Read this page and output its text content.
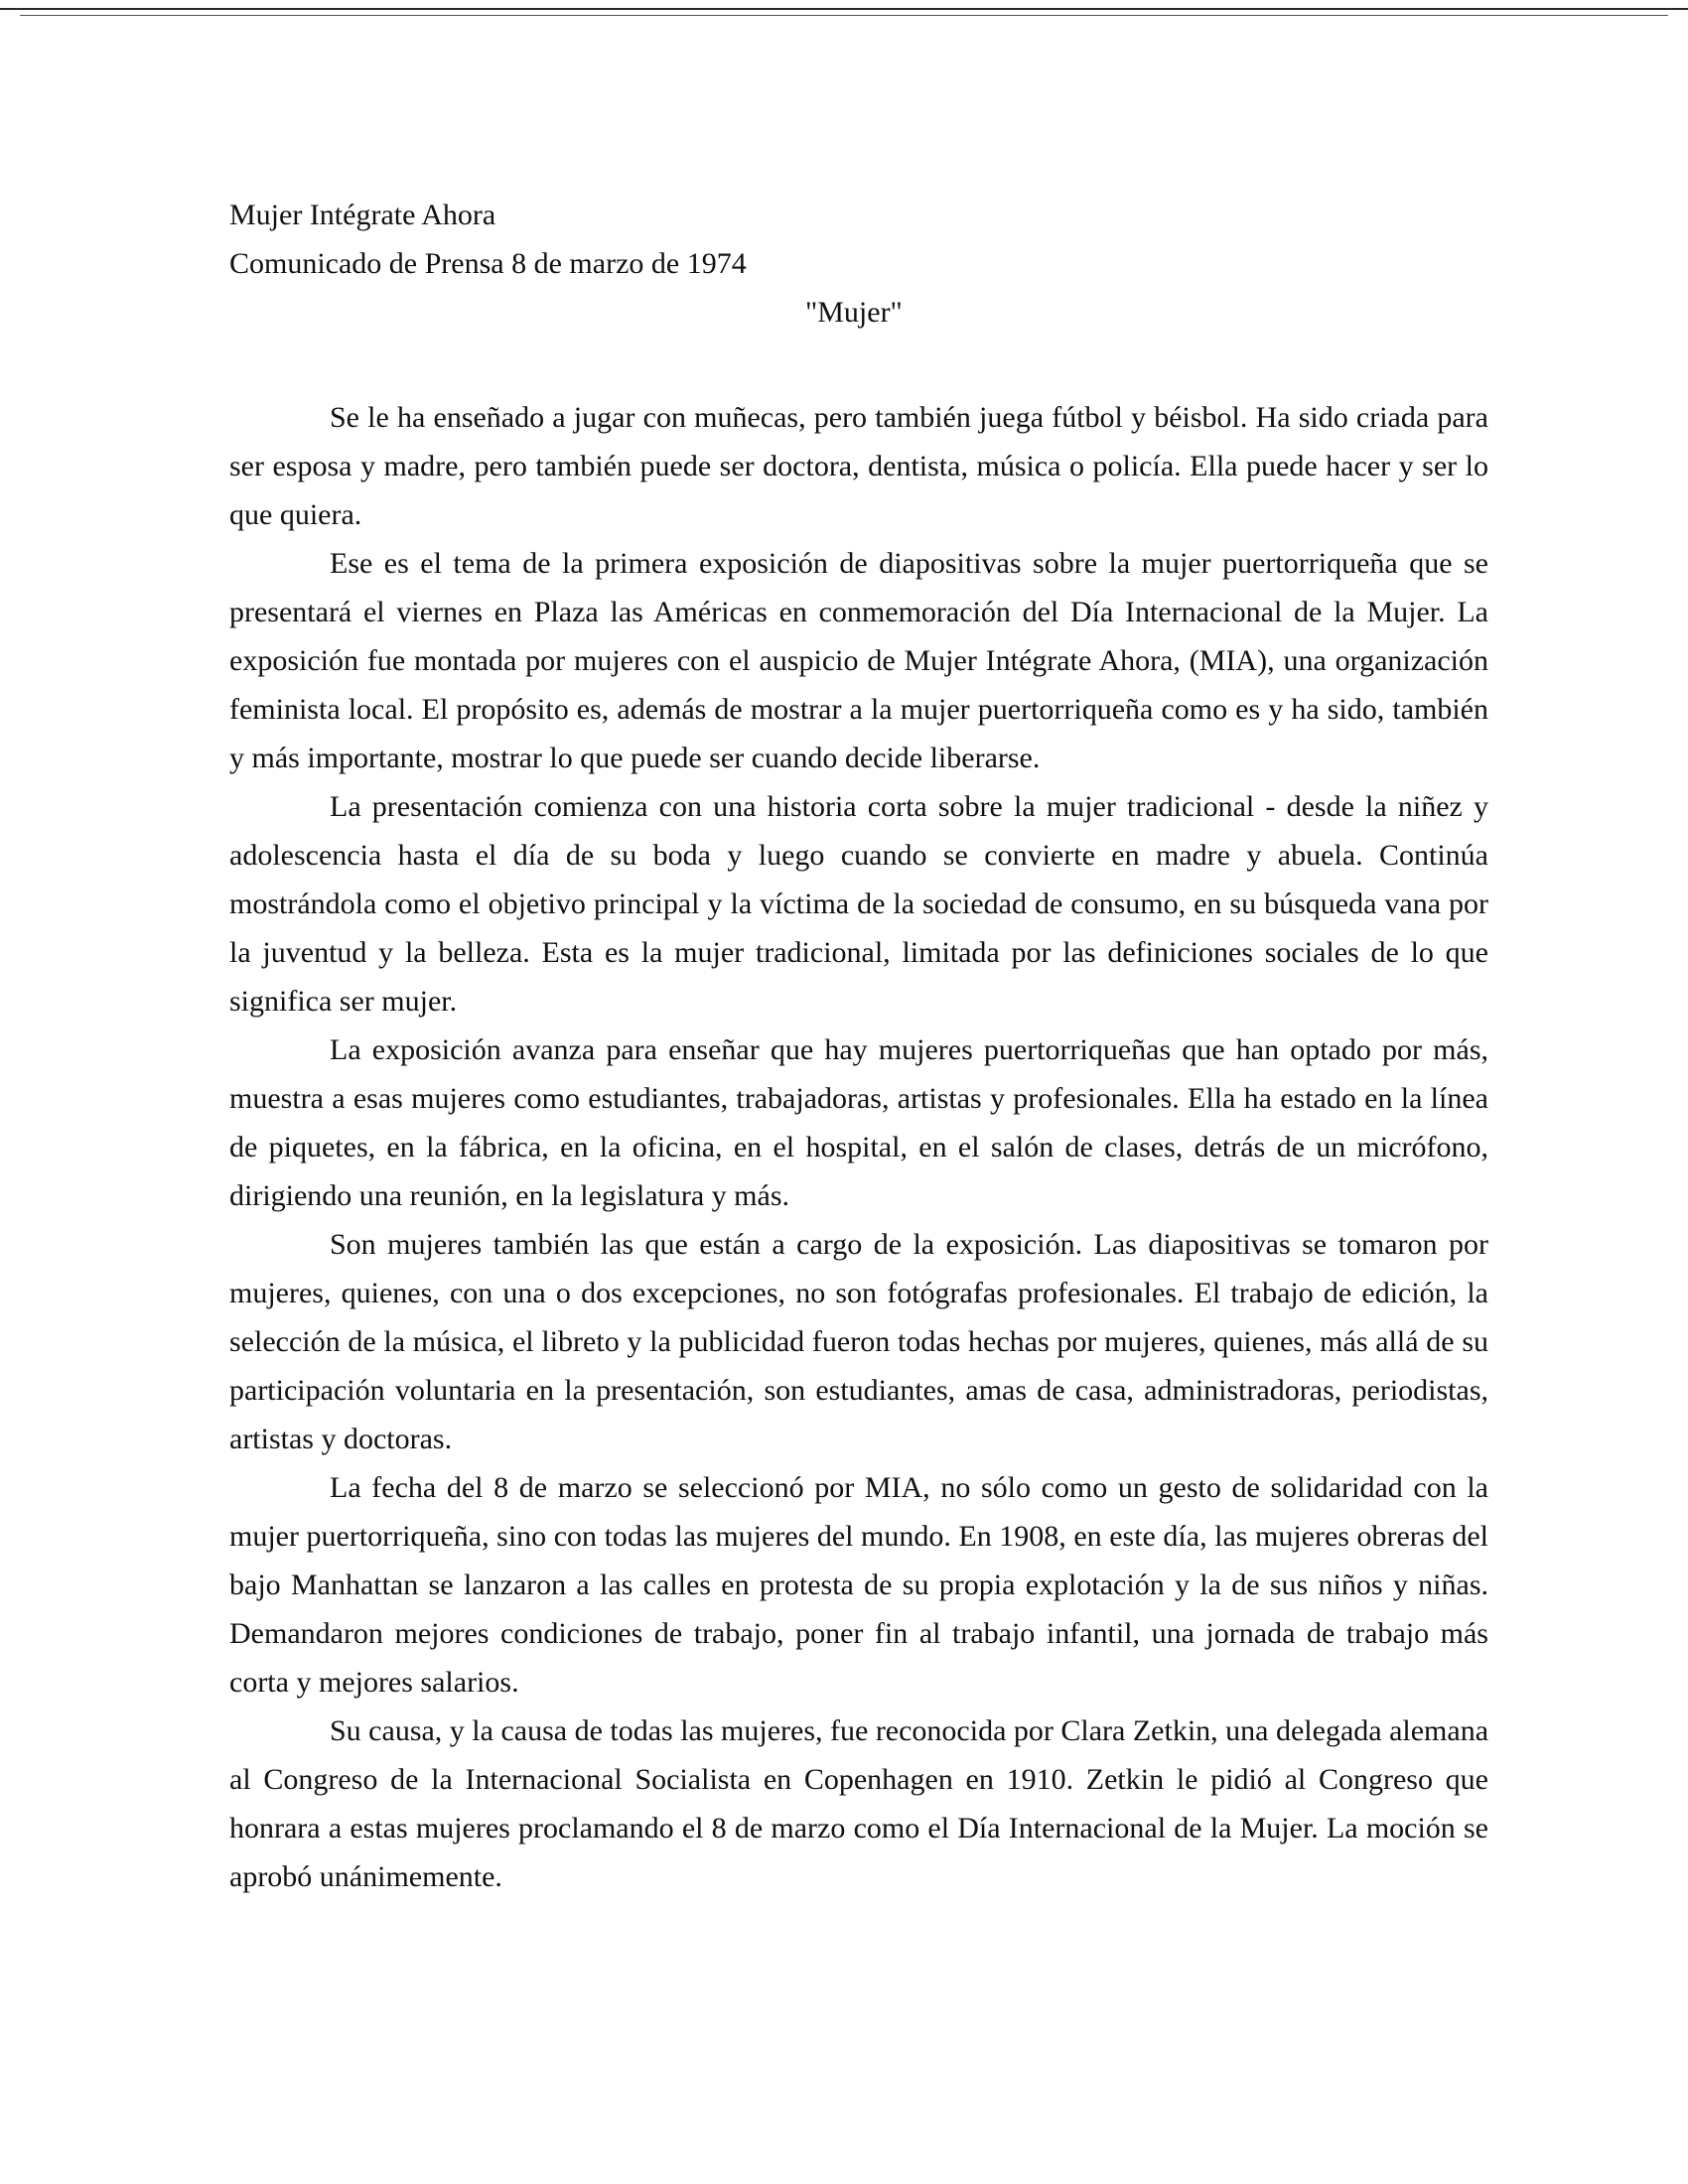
Mujer Intégrate Ahora

Comunicado de Prensa 8 de marzo de 1974

"Mujer"

Se le ha enseñado a jugar con muñecas, pero también juega fútbol y béisbol. Ha sido criada para ser esposa y madre, pero también puede ser doctora, dentista, música o policía. Ella puede hacer y ser lo que quiera.

Ese es el tema de la primera exposición de diapositivas sobre la mujer puertorriqueña que se presentará el viernes en Plaza las Américas en conmemoración del Día Internacional de la Mujer. La exposición fue montada por mujeres con el auspicio de Mujer Intégrate Ahora, (MIA), una organización feminista local. El propósito es, además de mostrar a la mujer puertorriqueña como es y ha sido, también y más importante, mostrar lo que puede ser cuando decide liberarse.

La presentación comienza con una historia corta sobre la mujer tradicional - desde la niñez y adolescencia hasta el día de su boda y luego cuando se convierte en madre y abuela. Continúa mostrándola como el objetivo principal y la víctima de la sociedad de consumo, en su búsqueda vana por la juventud y la belleza. Esta es la mujer tradicional, limitada por las definiciones sociales de lo que significa ser mujer.

La exposición avanza para enseñar que hay mujeres puertorriqueñas que han optado por más, muestra a esas mujeres como estudiantes, trabajadoras, artistas y profesionales. Ella ha estado en la línea de piquetes, en la fábrica, en la oficina, en el hospital, en el salón de clases, detrás de un micrófono, dirigiendo una reunión, en la legislatura y más.

Son mujeres también las que están a cargo de la exposición. Las diapositivas se tomaron por mujeres, quienes, con una o dos excepciones, no son fotógrafas profesionales. El trabajo de edición, la selección de la música, el libreto y la publicidad fueron todas hechas por mujeres, quienes, más allá de su participación voluntaria en la presentación, son estudiantes, amas de casa, administradoras, periodistas, artistas y doctoras.

La fecha del 8 de marzo se seleccionó por MIA, no sólo como un gesto de solidaridad con la mujer puertorriqueña, sino con todas las mujeres del mundo. En 1908, en este día, las mujeres obreras del bajo Manhattan se lanzaron a las calles en protesta de su propia explotación y la de sus niños y niñas. Demandaron mejores condiciones de trabajo, poner fin al trabajo infantil, una jornada de trabajo más corta y mejores salarios.

Su causa, y la causa de todas las mujeres, fue reconocida por Clara Zetkin, una delegada alemana al Congreso de la Internacional Socialista en Copenhagen en 1910. Zetkin le pidió al Congreso que honrara a estas mujeres proclamando el 8 de marzo como el Día Internacional de la Mujer. La moción se aprobó unánimemente.
